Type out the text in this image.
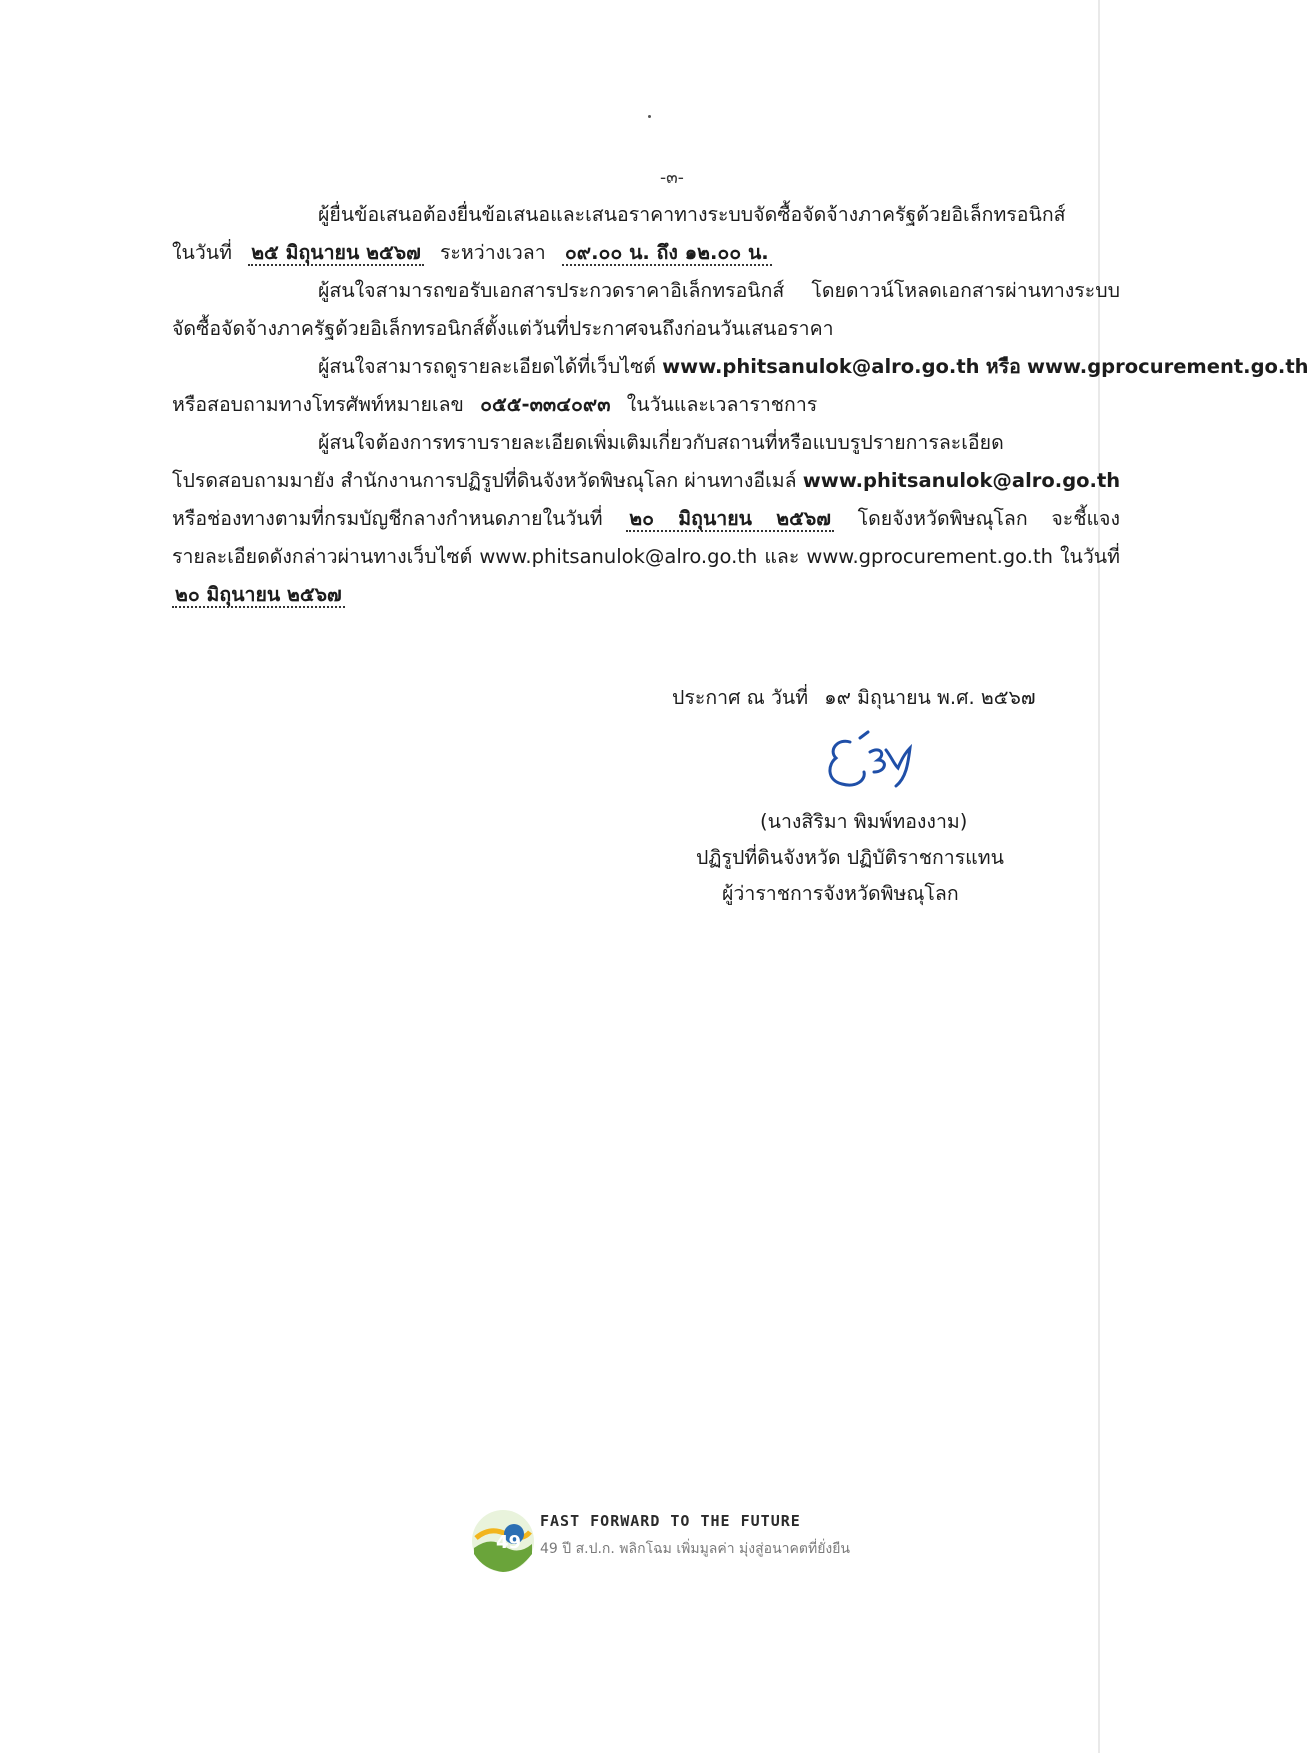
-๓-
ผู้ยื่นข้อเสนอต้องยื่นข้อเสนอและเสนอราคาทางระบบจัดซื้อจัดจ้างภาครัฐด้วยอิเล็กทรอนิกส์
ในวันที่ ๒๕ มิถุนายน ๒๕๖๗ ระหว่างเวลา ๐๙.๐๐ น. ถึง ๑๒.๐๐ น.
ผู้สนใจสามารถขอรับเอกสารประกวดราคาอิเล็กทรอนิกส์ โดยดาวน์โหลดเอกสารผ่านทางระบบ
จัดซื้อจัดจ้างภาครัฐด้วยอิเล็กทรอนิกส์ตั้งแต่วันที่ประกาศจนถึงก่อนวันเสนอราคา
ผู้สนใจสามารถดูรายละเอียดได้ที่เว็บไซต์ www.phitsanulok@alro.go.th หรือ www.gprocurement.go.th
หรือสอบถามทางโทรศัพท์หมายเลข ๐๕๕-๓๓๔๐๙๓ ในวันและเวลาราชการ
ผู้สนใจต้องการทราบรายละเอียดเพิ่มเติมเกี่ยวกับสถานที่หรือแบบรูปรายการละเอียด
โปรดสอบถามมายัง สำนักงานการปฏิรูปที่ดินจังหวัดพิษณุโลก ผ่านทางอีเมล์ www.phitsanulok@alro.go.th
หรือช่องทางตามที่กรมบัญชีกลางกำหนดภายในวันที่ ๒๐ มิถุนายน ๒๕๖๗ โดยจังหวัดพิษณุโลก จะชี้แจง
รายละเอียดดังกล่าวผ่านทางเว็บไซต์ www.phitsanulok@alro.go.th และ www.gprocurement.go.th ในวันที่
๒๐ มิถุนายน ๒๕๖๗
ประกาศ ณ วันที่ ๑๙ มิถุนายน พ.ศ. ๒๕๖๗
(นางสิริมา พิมพ์ทองงาม)
ปฏิรูปที่ดินจังหวัด ปฏิบัติราชการแทน
ผู้ว่าราชการจังหวัดพิษณุโลก
49
FAST FORWARD TO THE FUTURE
49 ปี ส.ป.ก. พลิกโฉม เพิ่มมูลค่า มุ่งสู่อนาคตที่ยั่งยืน
